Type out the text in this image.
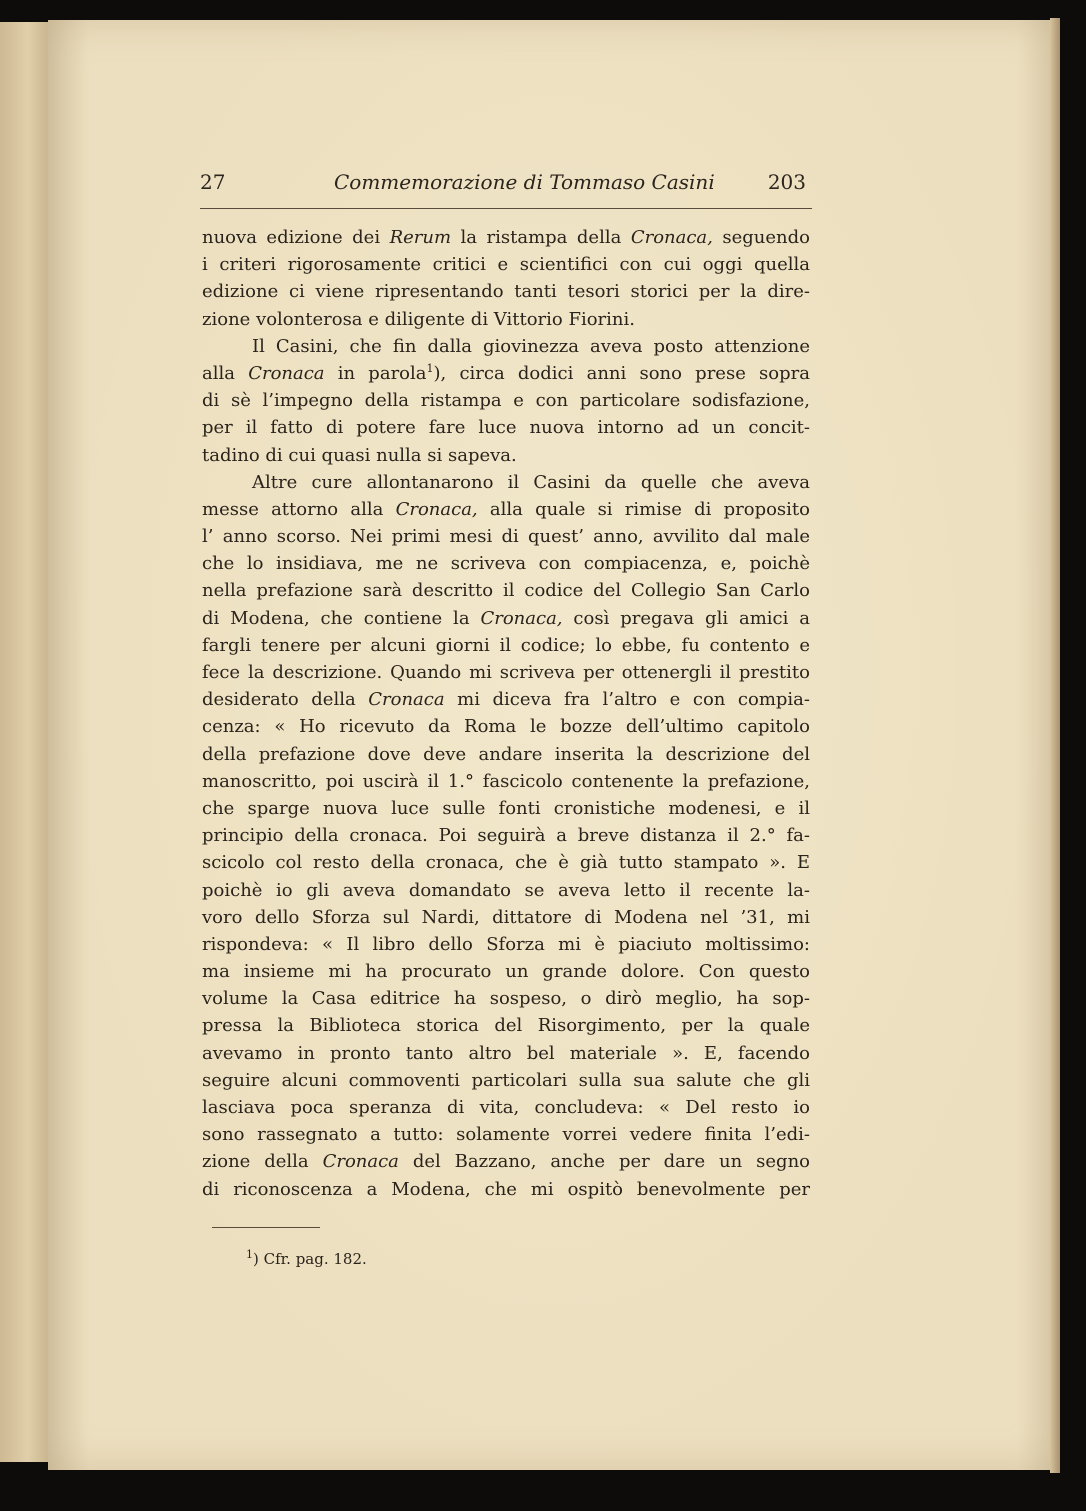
27	Commemorazione di Tommaso Casini	203
nuova edizione dei Rerum la ristampa della Cronaca, seguendo
i criteri rigorosamente critici e scientifici con cui oggi quella
edizione ci viene ripresentando tanti tesori storici per la dire-
zione volonterosa e diligente di Vittorio Fiorini.
Il Casini, che fin dalla giovinezza aveva posto attenzione
alla Cronaca in parola$^1$), circa dodici anni sono prese sopra
di sè l’impegno della ristampa e con particolare sodisfazione,
per il fatto di potere fare luce nuova intorno ad un concit-
tadino di cui quasi nulla si sapeva.
Altre cure allontanarono il Casini da quelle che aveva
messe attorno alla Cronaca, alla quale si rimise di proposito
l’ anno scorso. Nei primi mesi di quest’ anno, avvilito dal male
che lo insidiava, me ne scriveva con compiacenza, e, poichè
nella prefazione sarà descritto il codice del Collegio San Carlo
di Modena, che contiene la Cronaca, così pregava gli amici a
fargli tenere per alcuni giorni il codice; lo ebbe, fu contento e
fece la descrizione. Quando mi scriveva per ottenergli il prestito
desiderato della Cronaca mi diceva fra l’altro e con compia-
cenza: « Ho ricevuto da Roma le bozze dell’ultimo capitolo
della prefazione dove deve andare inserita la descrizione del
manoscritto, poi uscirà il 1.° fascicolo contenente la prefazione,
che sparge nuova luce sulle fonti cronistiche modenesi, e il
principio della cronaca. Poi seguirà a breve distanza il 2.° fa-
scicolo col resto della cronaca, che è già tutto stampato ». E
poichè io gli aveva domandato se aveva letto il recente la-
voro dello Sforza sul Nardi, dittatore di Modena nel ’31, mi
rispondeva: « Il libro dello Sforza mi è piaciuto moltissimo:
ma insieme mi ha procurato un grande dolore. Con questo
volume la Casa editrice ha sospeso, o dirò meglio, ha sop-
pressa la Biblioteca storica del Risorgimento, per la quale
avevamo in pronto tanto altro bel materiale ». E, facendo
seguire alcuni commoventi particolari sulla sua salute che gli
lasciava poca speranza di vita, concludeva: « Del resto io
sono rassegnato a tutto: solamente vorrei vedere finita l’edi-
zione della Cronaca del Bazzano, anche per dare un segno
di riconoscenza a Modena, che mi ospitò benevolmente per
$^1$) Cfr. pag. 182.
